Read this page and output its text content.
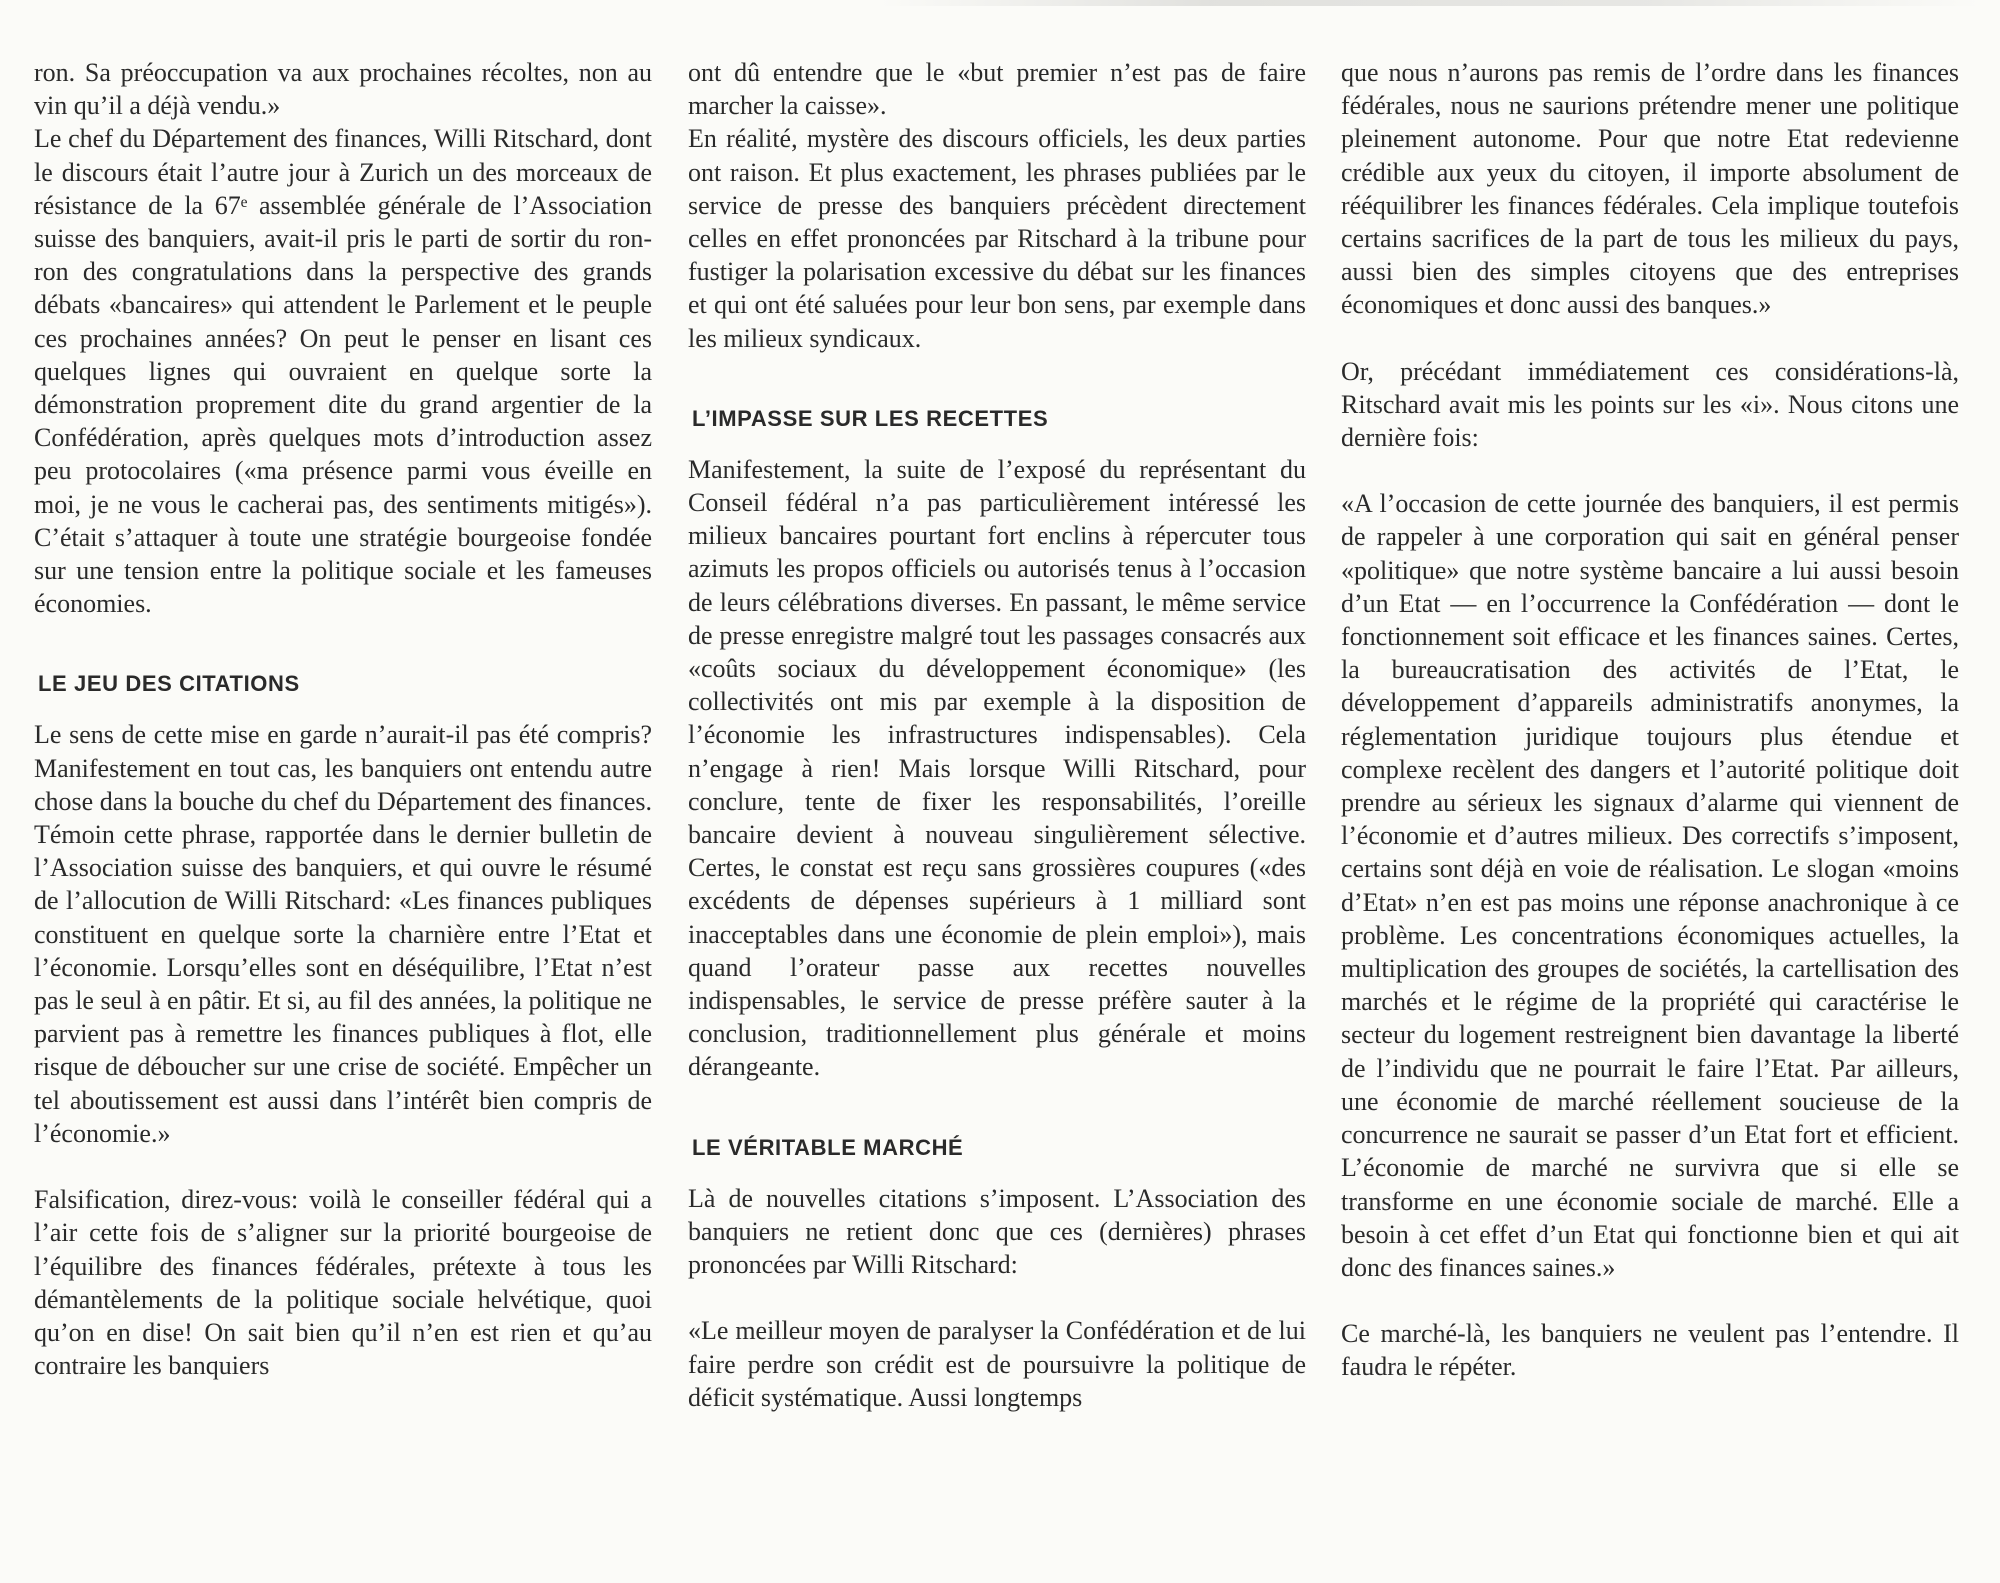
ron. Sa préoccupation va aux prochaines récoltes, non au vin qu’il a déjà vendu.»

Le chef du Département des finances, Willi Ritschard, dont le discours était l’autre jour à Zurich un des morceaux de résistance de la 67ᵉ assemblée générale de l’Association suisse des banquiers, avait-il pris le parti de sortir du ron-ron des congratulations dans la perspective des grands débats «bancaires» qui attendent le Parlement et le peuple ces prochaines années? On peut le penser en lisant ces quelques lignes qui ouvraient en quelque sorte la démonstration proprement dite du grand argentier de la Confédération, après quelques mots d’introduction assez peu protocolaires («ma présence parmi vous éveille en moi, je ne vous le cacherai pas, des sentiments mitigés»). C’était s’attaquer à toute une stratégie bourgeoise fondée sur une tension entre la politique sociale et les fameuses économies.

LE JEU DES CITATIONS

Le sens de cette mise en garde n’aurait-il pas été compris? Manifestement en tout cas, les banquiers ont entendu autre chose dans la bouche du chef du Département des finances. Témoin cette phrase, rapportée dans le dernier bulletin de l’Association suisse des banquiers, et qui ouvre le résumé de l’allocution de Willi Ritschard: «Les finances publiques constituent en quelque sorte la charnière entre l’Etat et l’économie. Lorsqu’elles sont en déséquilibre, l’Etat n’est pas le seul à en pâtir. Et si, au fil des années, la politique ne parvient pas à remettre les finances publiques à flot, elle risque de déboucher sur une crise de société. Empêcher un tel aboutissement est aussi dans l’intérêt bien compris de l’économie.»

Falsification, direz-vous: voilà le conseiller fédéral qui a l’air cette fois de s’aligner sur la priorité bourgeoise de l’équilibre des finances fédérales, prétexte à tous les démantèlements de la politique sociale helvétique, quoi qu’on en dise! On sait bien qu’il n’en est rien et qu’au contraire les banquiers

ont dû entendre que le «but premier n’est pas de faire marcher la caisse».

En réalité, mystère des discours officiels, les deux parties ont raison. Et plus exactement, les phrases publiées par le service de presse des banquiers précèdent directement celles en effet prononcées par Ritschard à la tribune pour fustiger la polarisation excessive du débat sur les finances et qui ont été saluées pour leur bon sens, par exemple dans les milieux syndicaux.

L’IMPASSE SUR LES RECETTES

Manifestement, la suite de l’exposé du représentant du Conseil fédéral n’a pas particulièrement intéressé les milieux bancaires pourtant fort enclins à répercuter tous azimuts les propos officiels ou autorisés tenus à l’occasion de leurs célébrations diverses. En passant, le même service de presse enregistre malgré tout les passages consacrés aux «coûts sociaux du développement économique» (les collectivités ont mis par exemple à la disposition de l’économie les infrastructures indispensables). Cela n’engage à rien! Mais lorsque Willi Ritschard, pour conclure, tente de fixer les responsabilités, l’oreille bancaire devient à nouveau singulièrement sélective. Certes, le constat est reçu sans grossières coupures («des excédents de dépenses supérieurs à 1 milliard sont inacceptables dans une économie de plein emploi»), mais quand l’orateur passe aux recettes nouvelles indispensables, le service de presse préfère sauter à la conclusion, traditionnellement plus générale et moins dérangeante.

LE VÉRITABLE MARCHÉ

Là de nouvelles citations s’imposent. L’Association des banquiers ne retient donc que ces (dernières) phrases prononcées par Willi Ritschard:

«Le meilleur moyen de paralyser la Confédération et de lui faire perdre son crédit est de poursuivre la politique de déficit systématique. Aussi longtemps

que nous n’aurons pas remis de l’ordre dans les finances fédérales, nous ne saurions prétendre mener une politique pleinement autonome. Pour que notre Etat redevienne crédible aux yeux du citoyen, il importe absolument de rééquilibrer les finances fédérales. Cela implique toutefois certains sacrifices de la part de tous les milieux du pays, aussi bien des simples citoyens que des entreprises économiques et donc aussi des banques.»

Or, précédant immédiatement ces considérations-là, Ritschard avait mis les points sur les «i». Nous citons une dernière fois:

«A l’occasion de cette journée des banquiers, il est permis de rappeler à une corporation qui sait en général penser «politique» que notre système bancaire a lui aussi besoin d’un Etat — en l’occurrence la Confédération — dont le fonctionnement soit efficace et les finances saines. Certes, la bureaucratisation des activités de l’Etat, le développement d’appareils administratifs anonymes, la réglementation juridique toujours plus étendue et complexe recèlent des dangers et l’autorité politique doit prendre au sérieux les signaux d’alarme qui viennent de l’économie et d’autres milieux. Des correctifs s’imposent, certains sont déjà en voie de réalisation. Le slogan «moins d’Etat» n’en est pas moins une réponse anachronique à ce problème. Les concentrations économiques actuelles, la multiplication des groupes de sociétés, la cartellisation des marchés et le régime de la propriété qui caractérise le secteur du logement restreignent bien davantage la liberté de l’individu que ne pourrait le faire l’Etat. Par ailleurs, une économie de marché réellement soucieuse de la concurrence ne saurait se passer d’un Etat fort et efficient. L’économie de marché ne survivra que si elle se transforme en une économie sociale de marché. Elle a besoin à cet effet d’un Etat qui fonctionne bien et qui ait donc des finances saines.»

Ce marché-là, les banquiers ne veulent pas l’entendre. Il faudra le répéter.
